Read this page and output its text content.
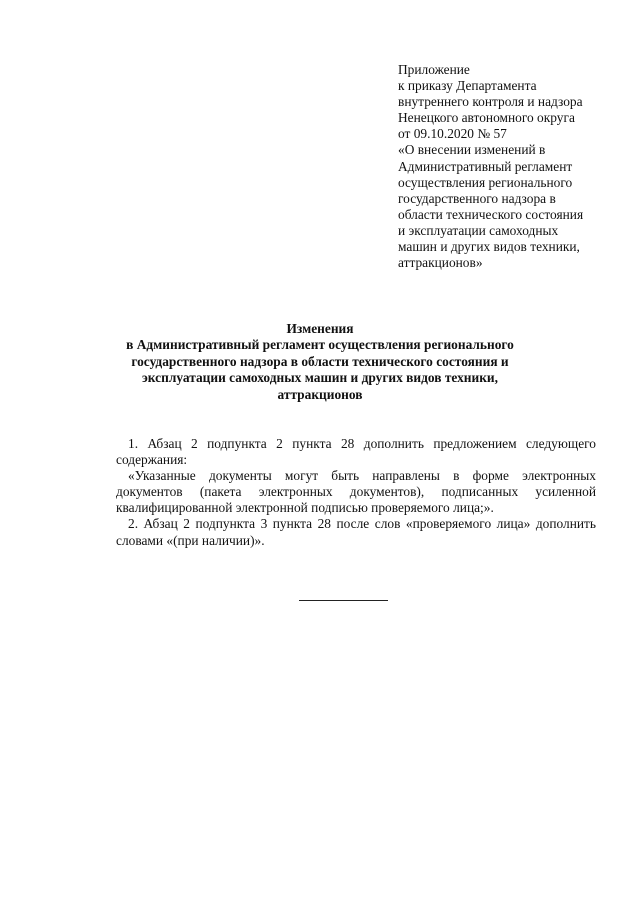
Приложение
к приказу Департамента
внутреннего контроля и надзора
Ненецкого автономного округа
от 09.10.2020 № 57
«О внесении изменений в
Административный регламент
осуществления регионального
государственного надзора в
области технического состояния
и эксплуатации самоходных
машин и других видов техники,
аттракционов»
Изменения
в Административный регламент осуществления регионального
государственного надзора в области технического состояния и
эксплуатации самоходных машин и других видов техники,
аттракционов

1. Абзац 2 подпункта 2 пункта 28 дополнить предложением следующего содержания:

«Указанные документы могут быть направлены в форме электронных документов (пакета электронных документов), подписанных усиленной квалифицированной электронной подписью проверяемого лица;».

2. Абзац 2 подпункта 3 пункта 28 после слов «проверяемого лица» дополнить словами «(при наличии)».
